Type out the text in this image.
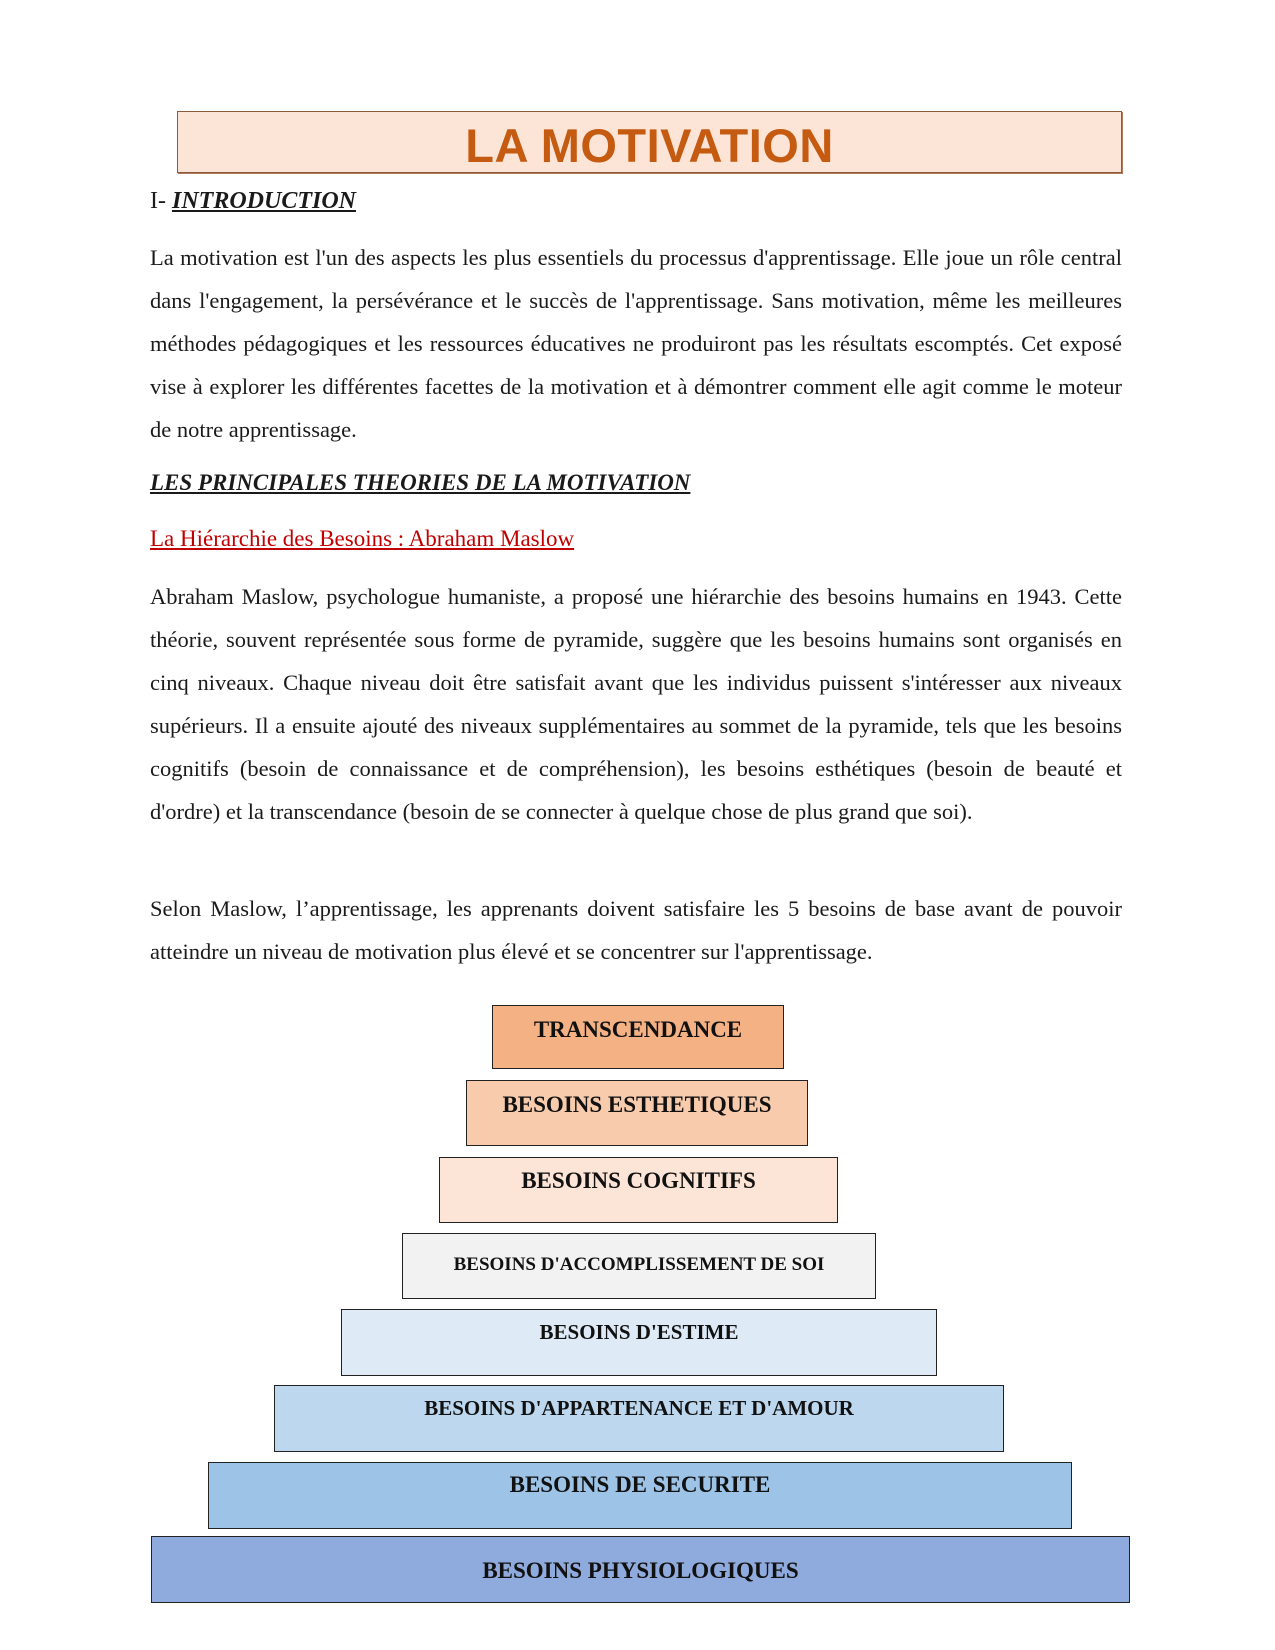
LA MOTIVATION
I- INTRODUCTION

La motivation est l'un des aspects les plus essentiels du processus d'apprentissage. Elle joue un rôle central dans l'engagement, la persévérance et le succès de l'apprentissage. Sans motivation, même les meilleures méthodes pédagogiques et les ressources éducatives ne produiront pas les résultats escomptés. Cet exposé vise à explorer les différentes facettes de la motivation et à démontrer comment elle agit comme le moteur de notre apprentissage.

LES PRINCIPALES THEORIES DE LA MOTIVATION
La Hiérarchie des Besoins : Abraham Maslow

Abraham Maslow, psychologue humaniste, a proposé une hiérarchie des besoins humains en 1943. Cette théorie, souvent représentée sous forme de pyramide, suggère que les besoins humains sont organisés en cinq niveaux. Chaque niveau doit être satisfait avant que les individus puissent s'intéresser aux niveaux supérieurs. Il a ensuite ajouté des niveaux supplémentaires au sommet de la pyramide, tels que les besoins cognitifs (besoin de connaissance et de compréhension), les besoins esthétiques (besoin de beauté et d'ordre) et la transcendance (besoin de se connecter à quelque chose de plus grand que soi).

Selon Maslow, l’apprentissage, les apprenants doivent satisfaire les 5 besoins de base avant de pouvoir atteindre un niveau de motivation plus élevé et se concentrer sur l'apprentissage.

TRANSCENDANCE
BESOINS ESTHETIQUES
BESOINS COGNITIFS
BESOINS D'ACCOMPLISSEMENT DE SOI
BESOINS D'ESTIME
BESOINS D'APPARTENANCE ET D'AMOUR
BESOINS DE SECURITE
BESOINS PHYSIOLOGIQUES
